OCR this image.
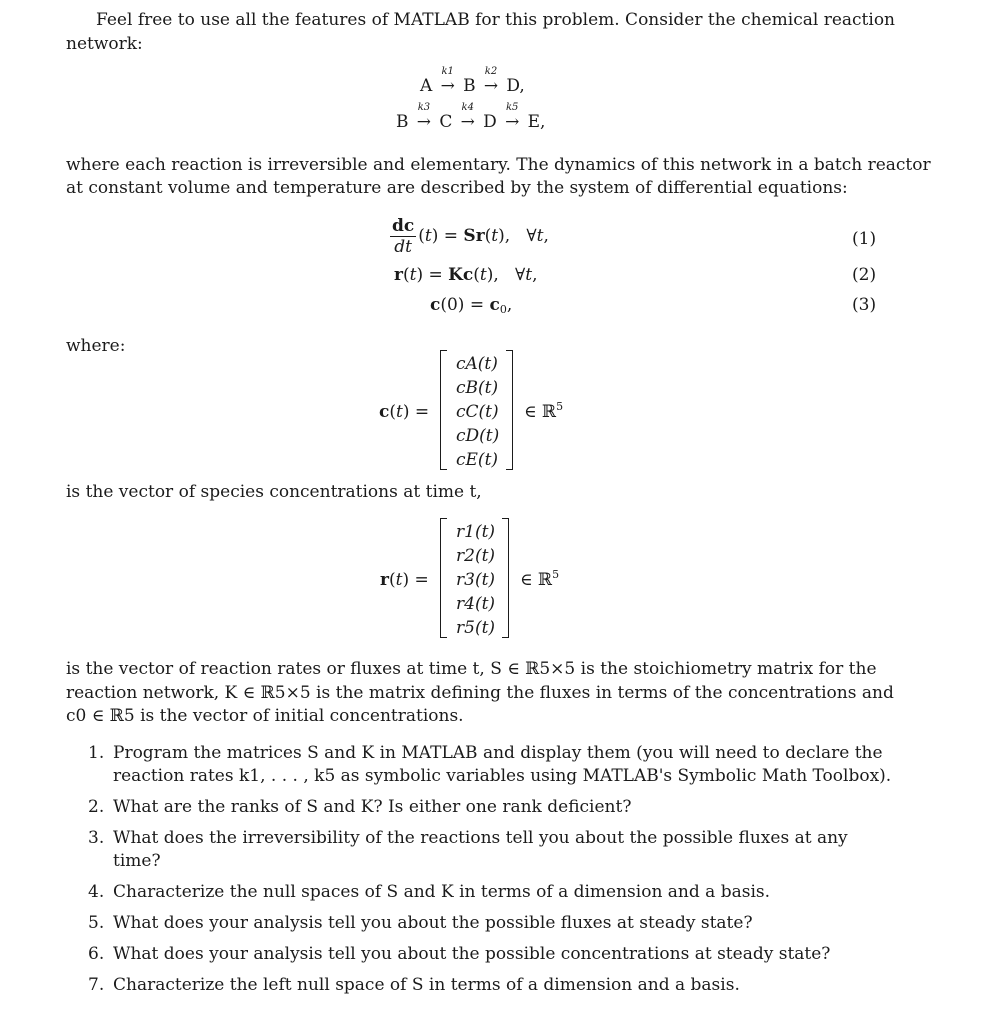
Feel free to use all the features of MATLAB for this problem. Consider the chemical reaction
network:
A
k1
→ B
k2
→ D,
B
k3
→ C
k4
→ D
k5
→ E,
where each reaction is irreversible and elementary. The dynamics of this network in a batch reactor
at constant volume and temperature are described by the system of differential equations:
$\frac{dc}{dt} (t) = Sr(t)$,   ∀t,	(1)
r(t) = Kc(t),   ∀t,	(2)
$c(0) = c_0$,	(3)
where:
c(t) =
cA(t)
cB(t)
cC(t)
cD(t)
cE(t)
∈ ℝ$^5$
is the vector of species concentrations at time t,
r(t) =
r1(t)
r2(t)
r3(t)
r4(t)
r5(t)
∈ ℝ$^5$
is the vector of reaction rates or fluxes at time t, S ∈ ℝ5×5 is the stoichiometry matrix for the
reaction network, K ∈ ℝ5×5 is the matrix defining the fluxes in terms of the concentrations and
c0 ∈ ℝ5 is the vector of initial concentrations.
1. Program the matrices S and K in MATLAB and display them (you will need to declare the reaction rates k1, . . . , k5 as symbolic variables using MATLAB's Symbolic Math Toolbox).
2. What are the ranks of S and K? Is either one rank deficient?
3. What does the irreversibility of the reactions tell you about the possible fluxes at any time?
4. Characterize the null spaces of S and K in terms of a dimension and a basis.
5. What does your analysis tell you about the possible fluxes at steady state?
6. What does your analysis tell you about the possible concentrations at steady state?
7. Characterize the left null space of S in terms of a dimension and a basis.
